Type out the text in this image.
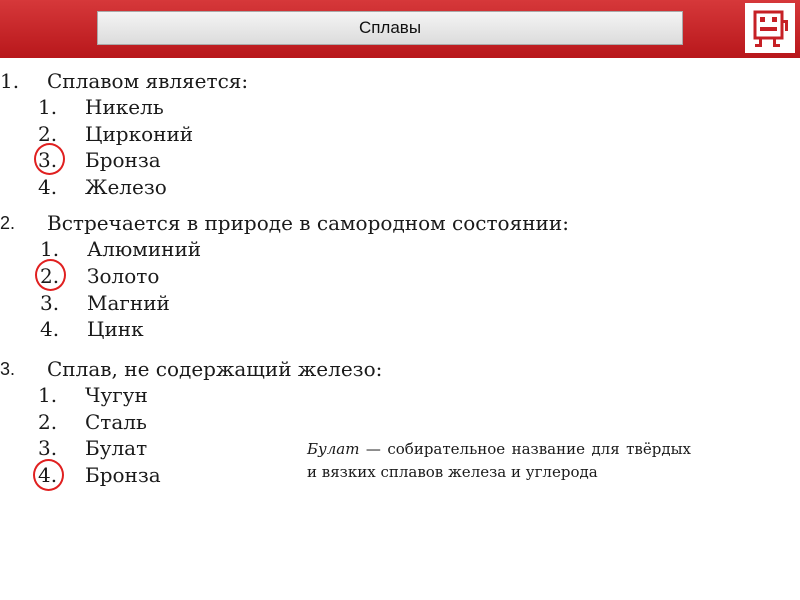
Сплавы
1. Сплавом является:
1. Никель
2. Цирконий
3. Бронза
4. Железо
2. Встречается в природе в самородном состоянии:
1. Алюминий
2. Золото
3. Магний
4. Цинк
3. Сплав, не содержащий железо:
1. Чугун
2. Сталь
3. Булат
4. Бронза
Булат — собирательное название для твёрдых и вязких сплавов железа и углерода
